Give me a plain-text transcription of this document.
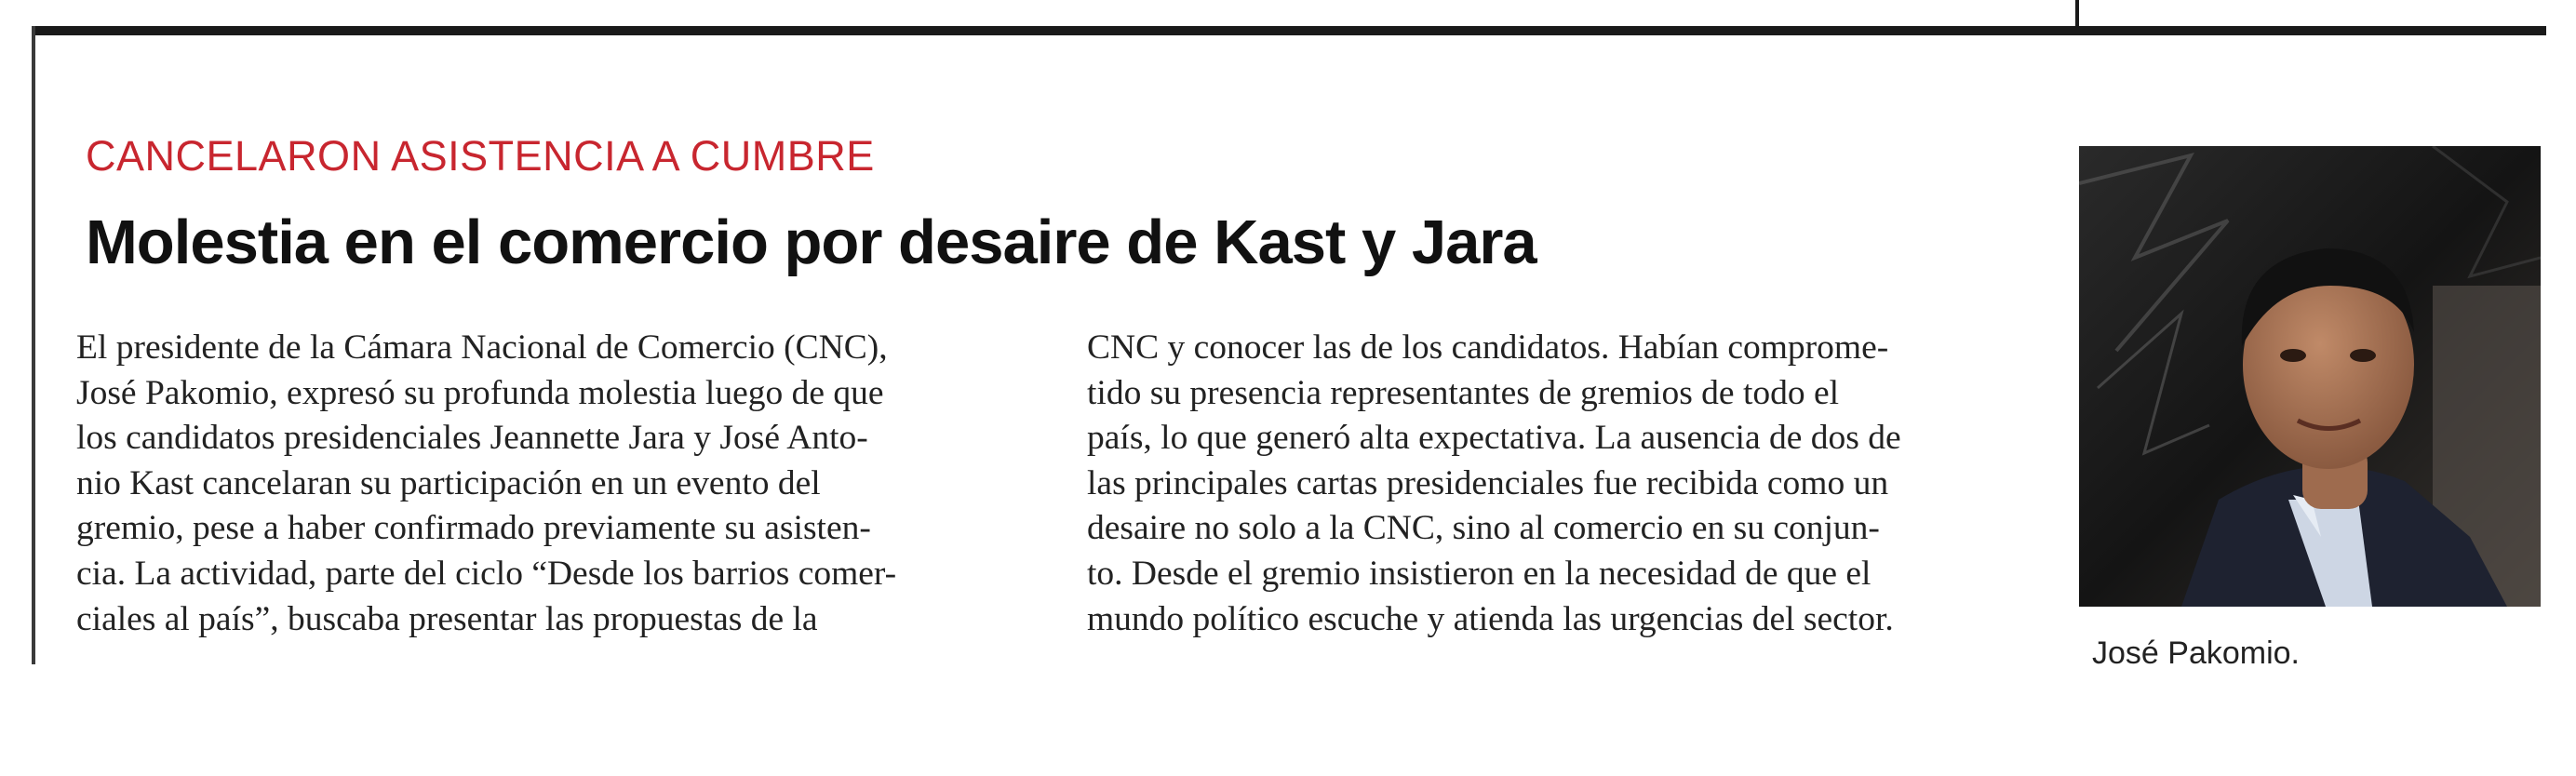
CANCELARON ASISTENCIA A CUMBRE
Molestia en el comercio por desaire de Kast y Jara
El presidente de la Cámara Nacional de Comercio (CNC),
José Pakomio, expresó su profunda molestia luego de que
los candidatos presidenciales Jeannette Jara y José Anto-
nio Kast cancelaran su participación en un evento del
gremio, pese a haber confirmado previamente su asisten-
cia. La actividad, parte del ciclo “Desde los barrios comer-
ciales al país”, buscaba presentar las propuestas de la
CNC y conocer las de los candidatos. Habían comprome-
tido su presencia representantes de gremios de todo el
país, lo que generó alta expectativa. La ausencia de dos de
las principales cartas presidenciales fue recibida como un
desaire no solo a la CNC, sino al comercio en su conjun-
to. Desde el gremio insistieron en la necesidad de que el
mundo político escuche y atienda las urgencias del sector.
José Pakomio.
